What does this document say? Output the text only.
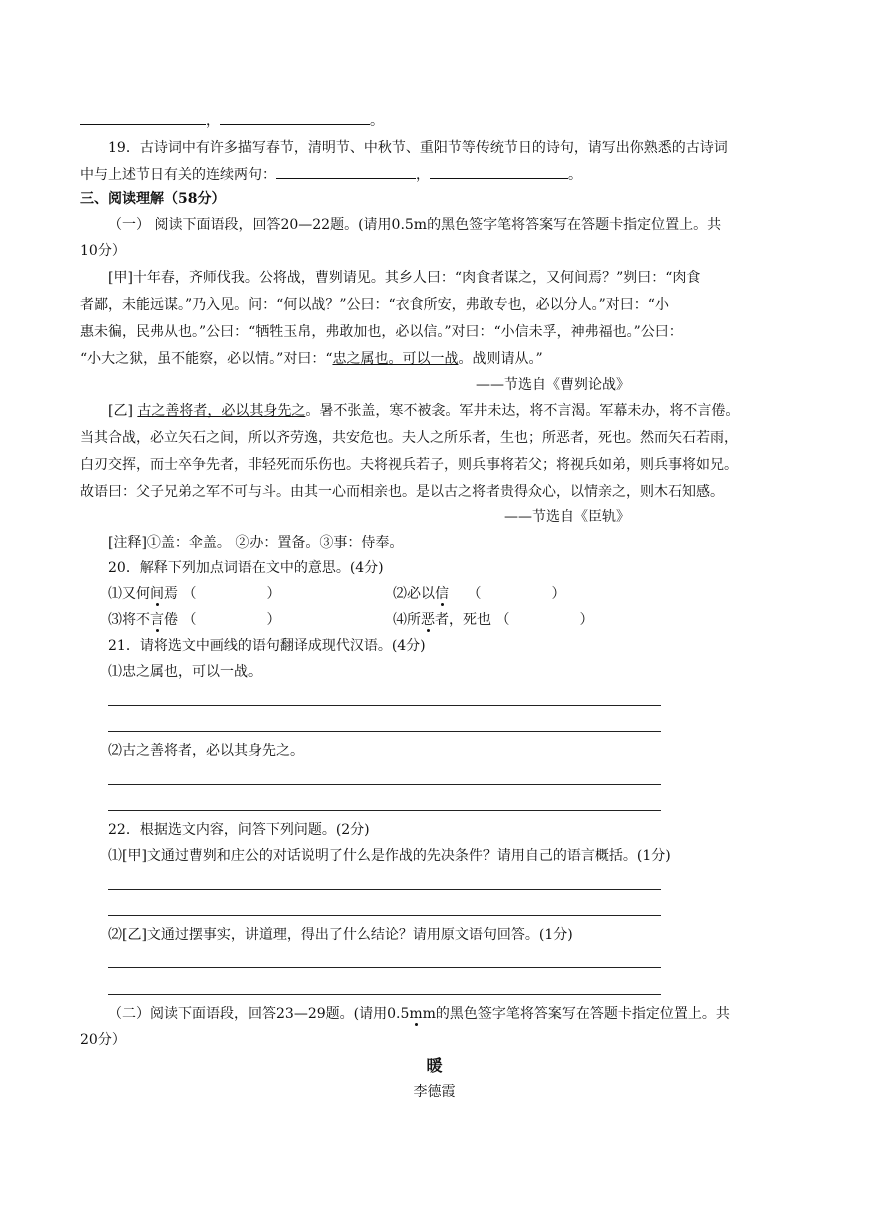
，	。
19．古诗词中有许多描写春节，清明节、中秋节、重阳节等传统节日的诗句，请写出你熟悉的古诗词
中与上述节日有关的连续两句：	，	。
三、阅读理解（58分）
（一） 阅读下面语段，回答20—22题。(请用0.5m的黑色签字笔将答案写在答题卡指定位置上。共
10分）
[甲]十年春，齐师伐我。公将战，曹刿请见。其乡人曰：“肉食者谋之，又何间焉？”刿曰：“肉食
者鄙，未能远谋。”乃入见。问：“何以战？”公曰：“衣食所安，弗敢专也，必以分人。”对曰：“小
惠未徧，民弗从也。”公曰：“牺牲玉帛，弗敢加也，必以信。”对曰：“小信未孚，神弗福也。”公曰：
“小大之狱，虽不能察，必以情。”对曰：“忠之属也。可以一战。战则请从。”
——节选自《曹刿论战》
[乙] 古之善将者，必以其身先之。暑不张盖，寒不被衾。军井未达，将不言渴。军幕未办，将不言倦。
当其合战，必立矢石之间，所以齐劳逸，共安危也。夫人之所乐者，生也；所恶者，死也。然而矢石若雨，
白刃交挥，而士卒争先者，非轻死而乐伤也。夫将视兵若子，则兵事将若父；将视兵如弟，则兵事将如兄。
故语曰：父子兄弟之军不可与斗。由其一心而相亲也。是以古之将者贵得众心，以情亲之，则木石知感。
——节选自《臣轨》
[注释]①盖：伞盖。 ②办：置备。③事：侍奉。
20．解释下列加点词语在文中的意思。(4分)
⑴又何间焉 （　　　　　）	⑵必以信　 （　　　　　）
⑶将不言倦 （　　　　　）	⑷所恶者，死也 （　　　　　）
21．请将选文中画线的语句翻译成现代汉语。(4分)
⑴忠之属也，可以一战。
⑵古之善将者，必以其身先之。
22．根据选文内容，问答下列问题。(2分)
⑴[甲]文通过曹刿和庄公的对话说明了什么是作战的先决条件？请用自己的语言概括。(1分)
⑵[乙]文通过摆事实，讲道理，得出了什么结论？请用原文语句回答。(1分)
（二）阅读下面语段，回答23—29题。(请用0.5mm的黑色签字笔将答案写在答题卡指定位置上。共
20分）
暖
李德霞
